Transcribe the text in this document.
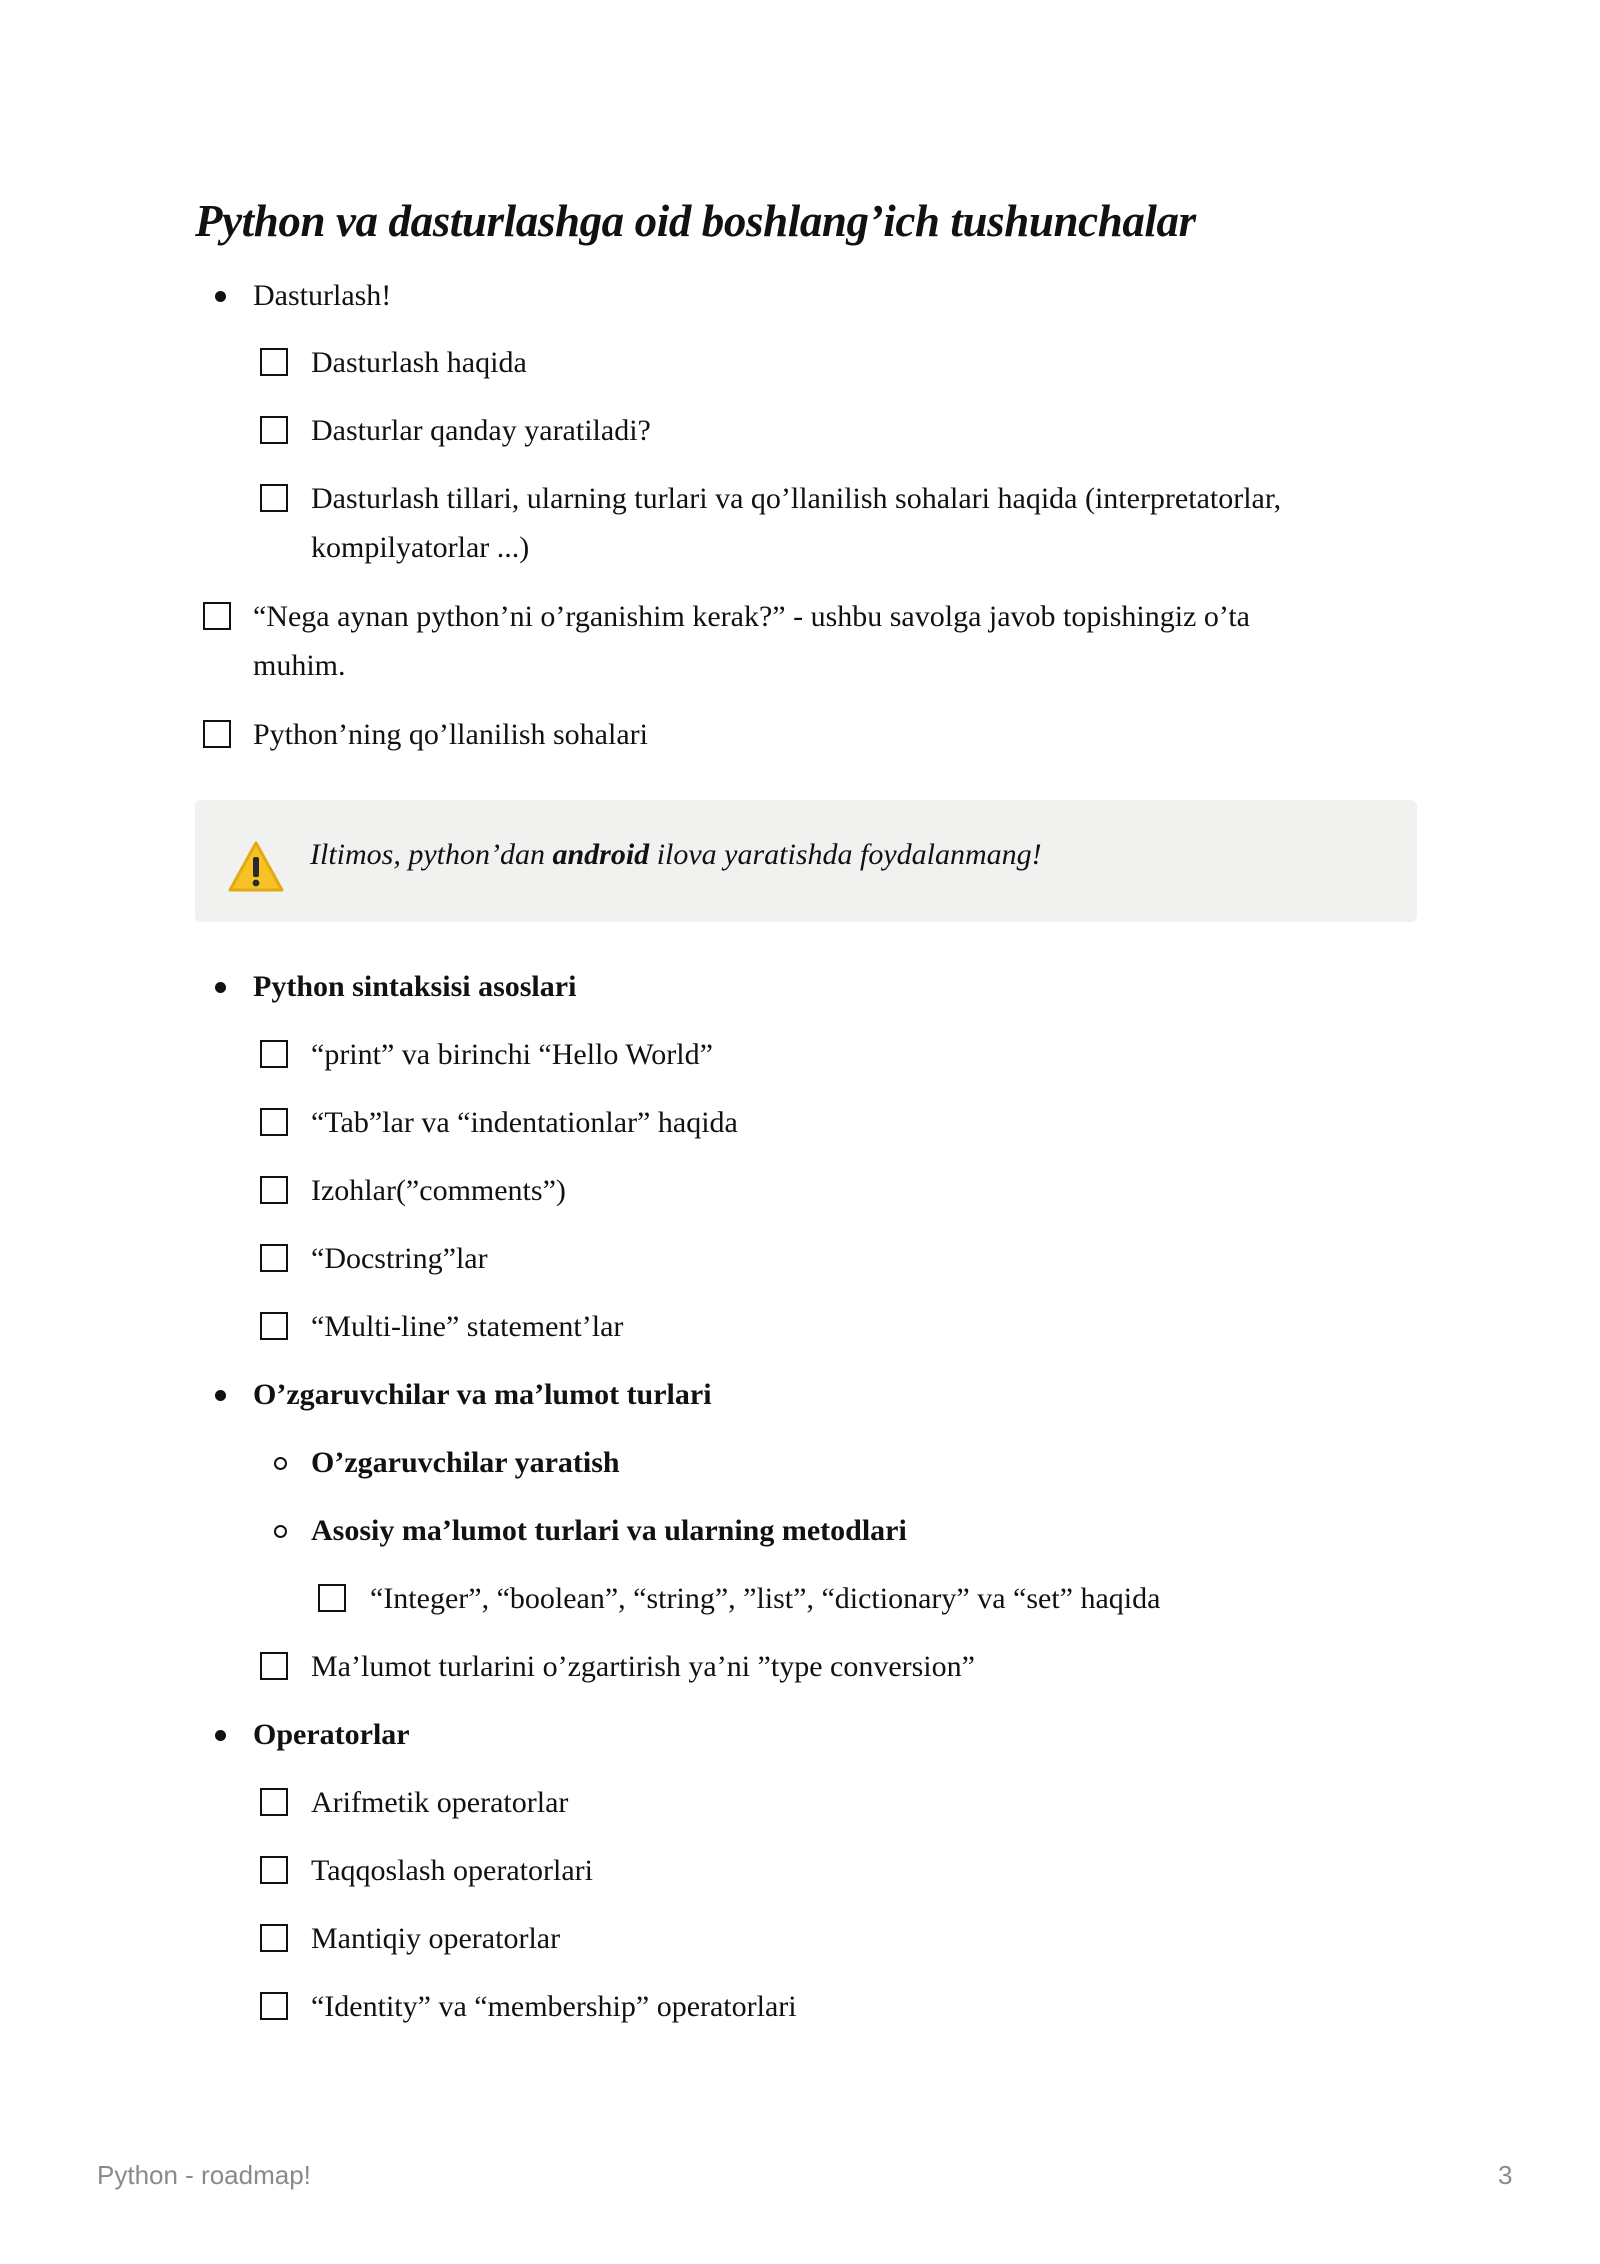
Python va dasturlashga oid boshlang’ich tushunchalar
Dasturlash!
Dasturlash haqida
Dasturlar qanday yaratiladi?
Dasturlash tillari, ularning turlari va qo’llanilish sohalari haqida (interpretatorlar,
kompilyatorlar ...)
“Nega aynan python’ni o’rganishim kerak?” - ushbu savolga javob topishingiz o’ta
muhim.
Python’ning qo’llanilish sohalari
Iltimos, python’dan android ilova yaratishda foydalanmang!
Python sintaksisi asoslari
“print” va birinchi “Hello World”
“Tab”lar va “indentationlar” haqida
Izohlar(”comments”)
“Docstring”lar
“Multi-line” statement’lar
O’zgaruvchilar va ma’lumot turlari
O’zgaruvchilar yaratish
Asosiy ma’lumot turlari va ularning metodlari
“Integer”, “boolean”, “string”, ”list”, “dictionary” va “set” haqida
Ma’lumot turlarini o’zgartirish ya’ni ”type conversion”
Operatorlar
Arifmetik operatorlar
Taqqoslash operatorlari
Mantiqiy operatorlar
“Identity” va “membership” operatorlari
Python - roadmap!	3
